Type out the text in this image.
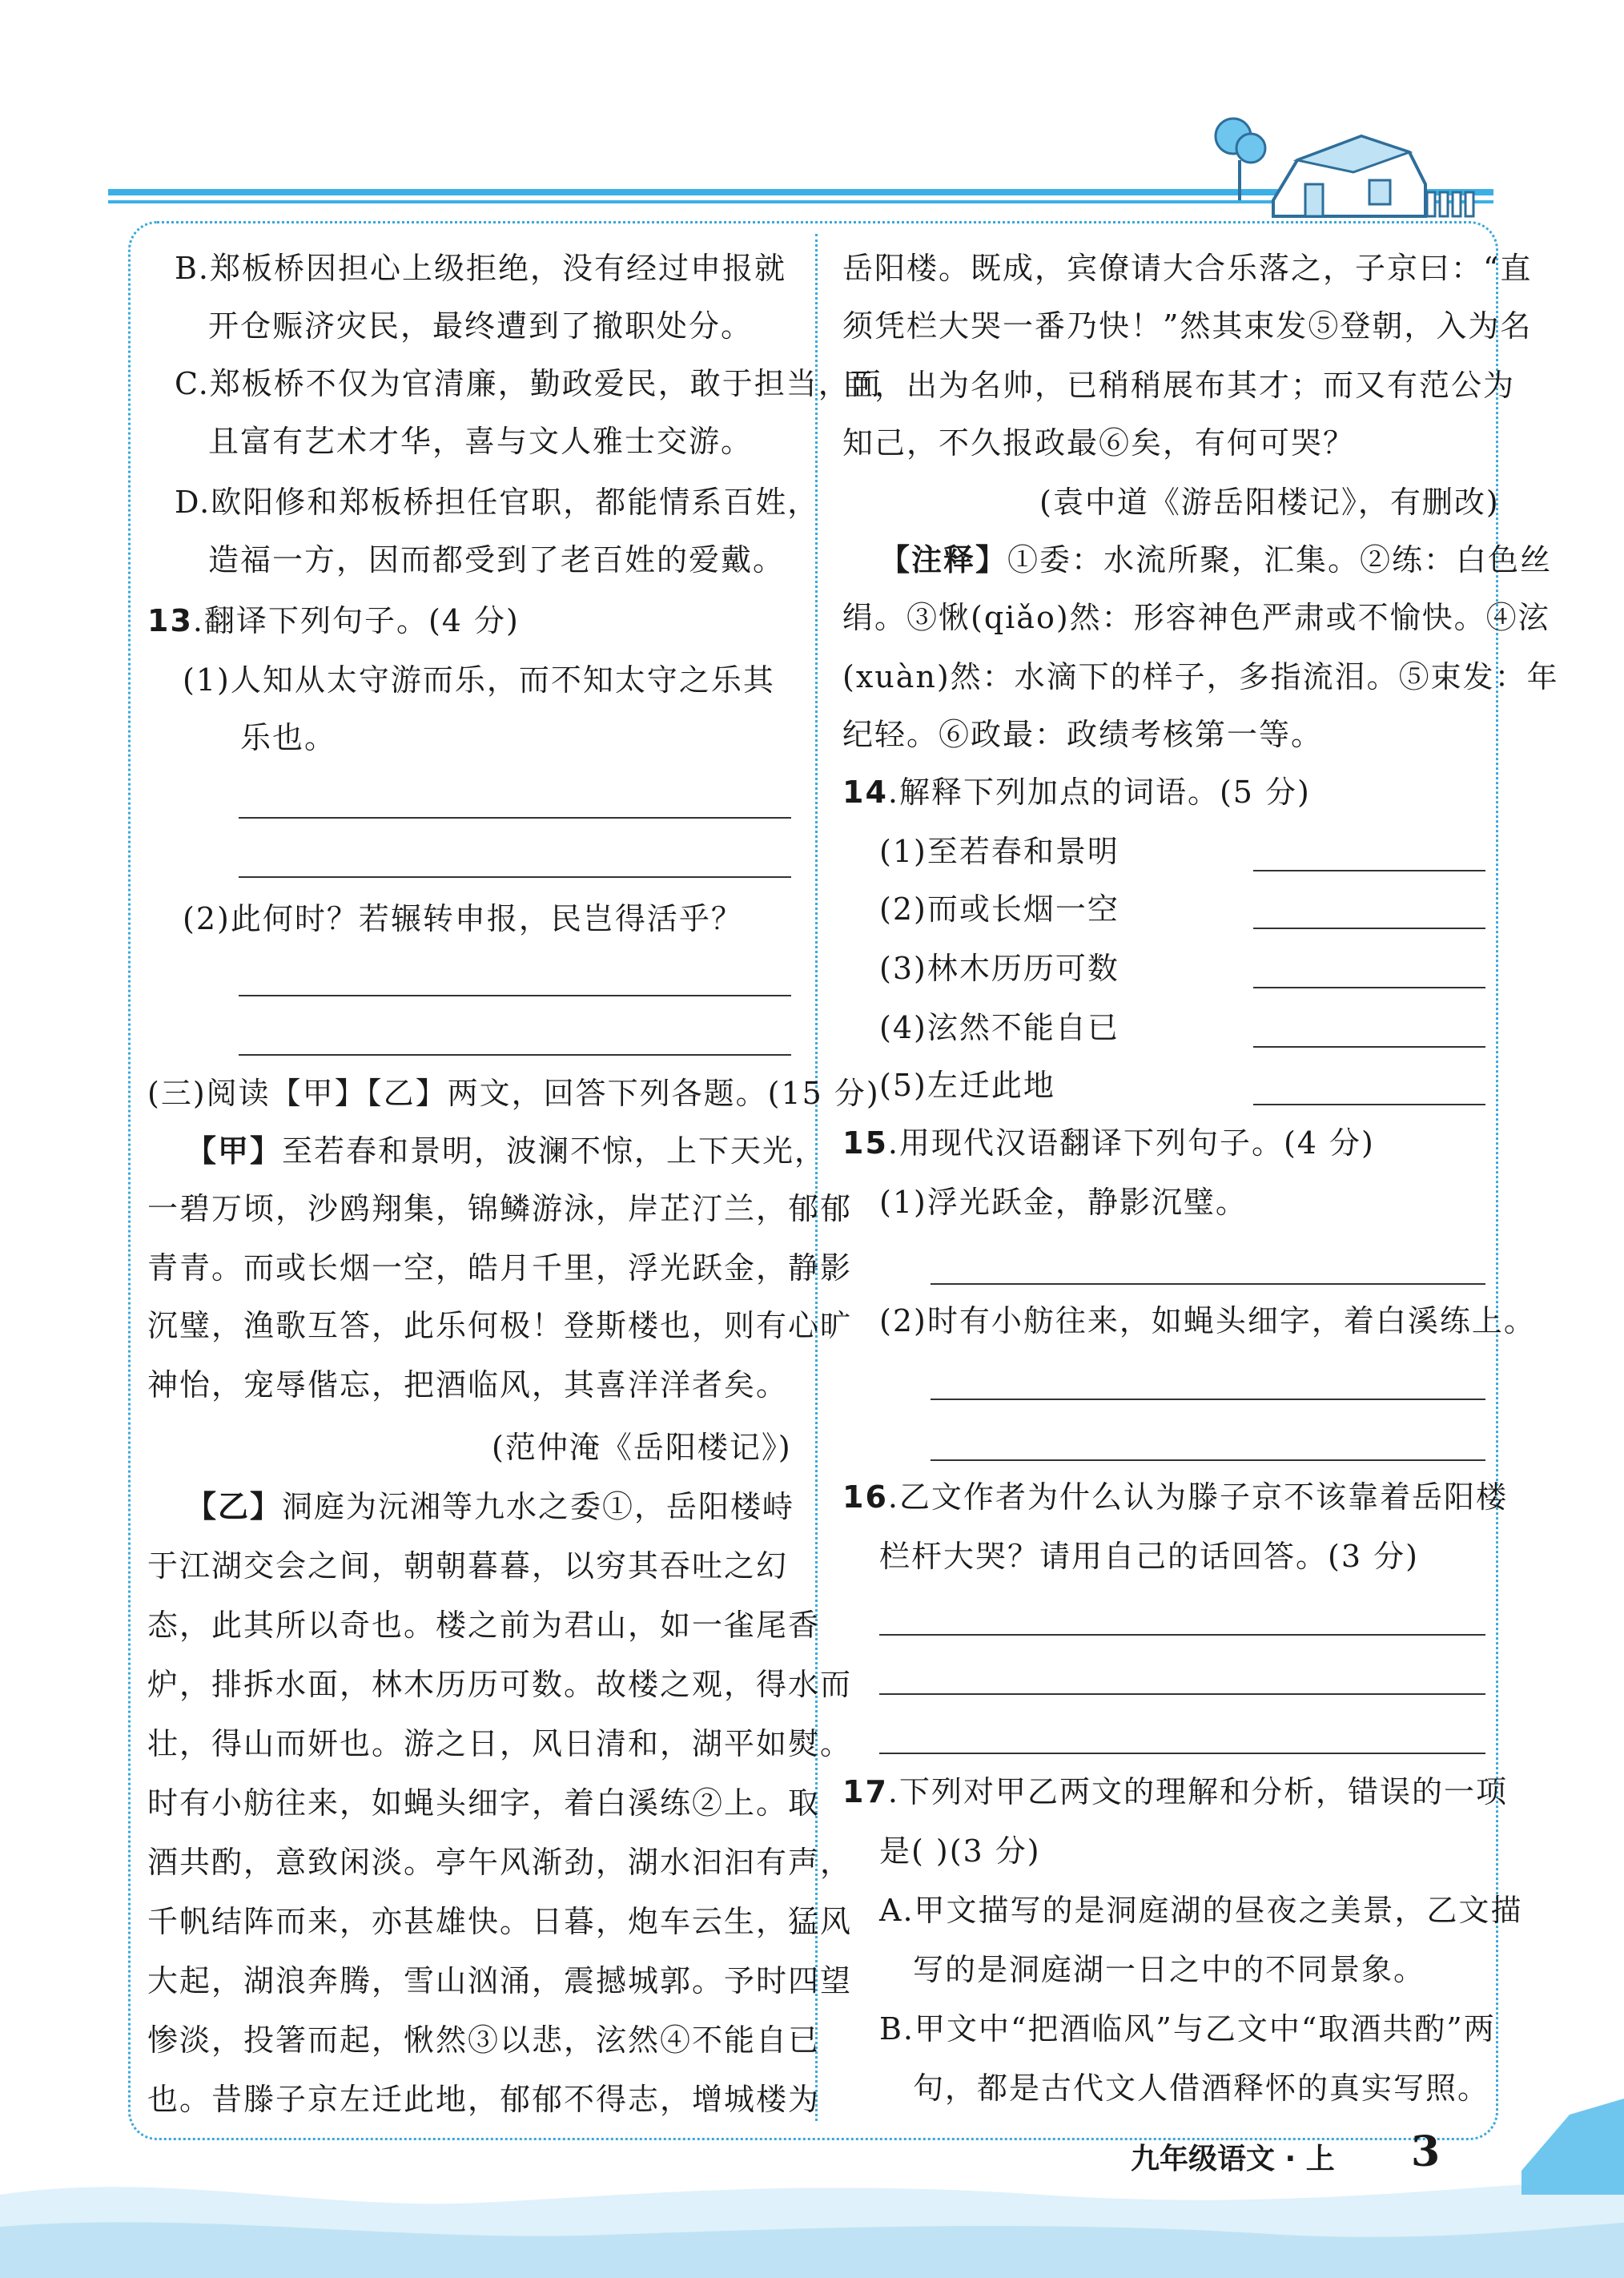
B.郑板桥因担心上级拒绝，没有经过申报就
开仓赈济灾民，最终遭到了撤职处分。
C.郑板桥不仅为官清廉，勤政爱民，敢于担当，而
且富有艺术才华，喜与文人雅士交游。
D.欧阳修和郑板桥担任官职，都能情系百姓，
造福一方，因而都受到了老百姓的爱戴。
13.翻译下列句子。(4 分)
(1)人知从太守游而乐，而不知太守之乐其
乐也。
(2)此何时？若辗转申报，民岂得活乎？
(三)阅读【甲】【乙】两文，回答下列各题。(15 分)
【甲】至若春和景明，波澜不惊，上下天光，
一碧万顷，沙鸥翔集，锦鳞游泳，岸芷汀兰，郁郁
青青。而或长烟一空，皓月千里，浮光跃金，静影
沉璧，渔歌互答，此乐何极！登斯楼也，则有心旷
神怡，宠辱偕忘，把酒临风，其喜洋洋者矣。
(范仲淹《岳阳楼记》)
【乙】洞庭为沅湘等九水之委①，岳阳楼峙
于江湖交会之间，朝朝暮暮，以穷其吞吐之幻
态，此其所以奇也。楼之前为君山，如一雀尾香
炉，排拆水面，林木历历可数。故楼之观，得水而
壮，得山而妍也。游之日，风日清和，湖平如熨。
时有小舫往来，如蝇头细字，着白溪练②上。取
酒共酌，意致闲淡。亭午风渐劲，湖水汩汩有声，
千帆结阵而来，亦甚雄快。日暮，炮车云生，猛风
大起，湖浪奔腾，雪山汹涌，震撼城郭。予时四望
惨淡，投箸而起，愀然③以悲，泫然④不能自已
也。昔滕子京左迁此地，郁郁不得志，增城楼为
岳阳楼。既成，宾僚请大合乐落之，子京曰：“直
须凭栏大哭一番乃快！”然其束发⑤登朝，入为名
臣，出为名帅，已稍稍展布其才；而又有范公为
知己，不久报政最⑥矣，有何可哭？
(袁中道《游岳阳楼记》，有删改)
【注释】①委：水流所聚，汇集。②练：白色丝
绢。③愀(qiǎo)然：形容神色严肃或不愉快。④泫
(xuàn)然：水滴下的样子，多指流泪。⑤束发：年
纪轻。⑥政最：政绩考核第一等。
14.解释下列加点的词语。(5 分)
(1)至若春和景明
(2)而或长烟一空
(3)林木历历可数
(4)泫然不能自已
(5)左迁此地
15.用现代汉语翻译下列句子。(4 分)
(1)浮光跃金，静影沉璧。
(2)时有小舫往来，如蝇头细字，着白溪练上。
16.乙文作者为什么认为滕子京不该靠着岳阳楼
栏杆大哭？请用自己的话回答。(3 分)
17.下列对甲乙两文的理解和分析，错误的一项
是( )(3 分)
A.甲文描写的是洞庭湖的昼夜之美景，乙文描
写的是洞庭湖一日之中的不同景象。
B.甲文中“把酒临风”与乙文中“取酒共酌”两
句，都是古代文人借酒释怀的真实写照。
九年级语文 · 上 3
